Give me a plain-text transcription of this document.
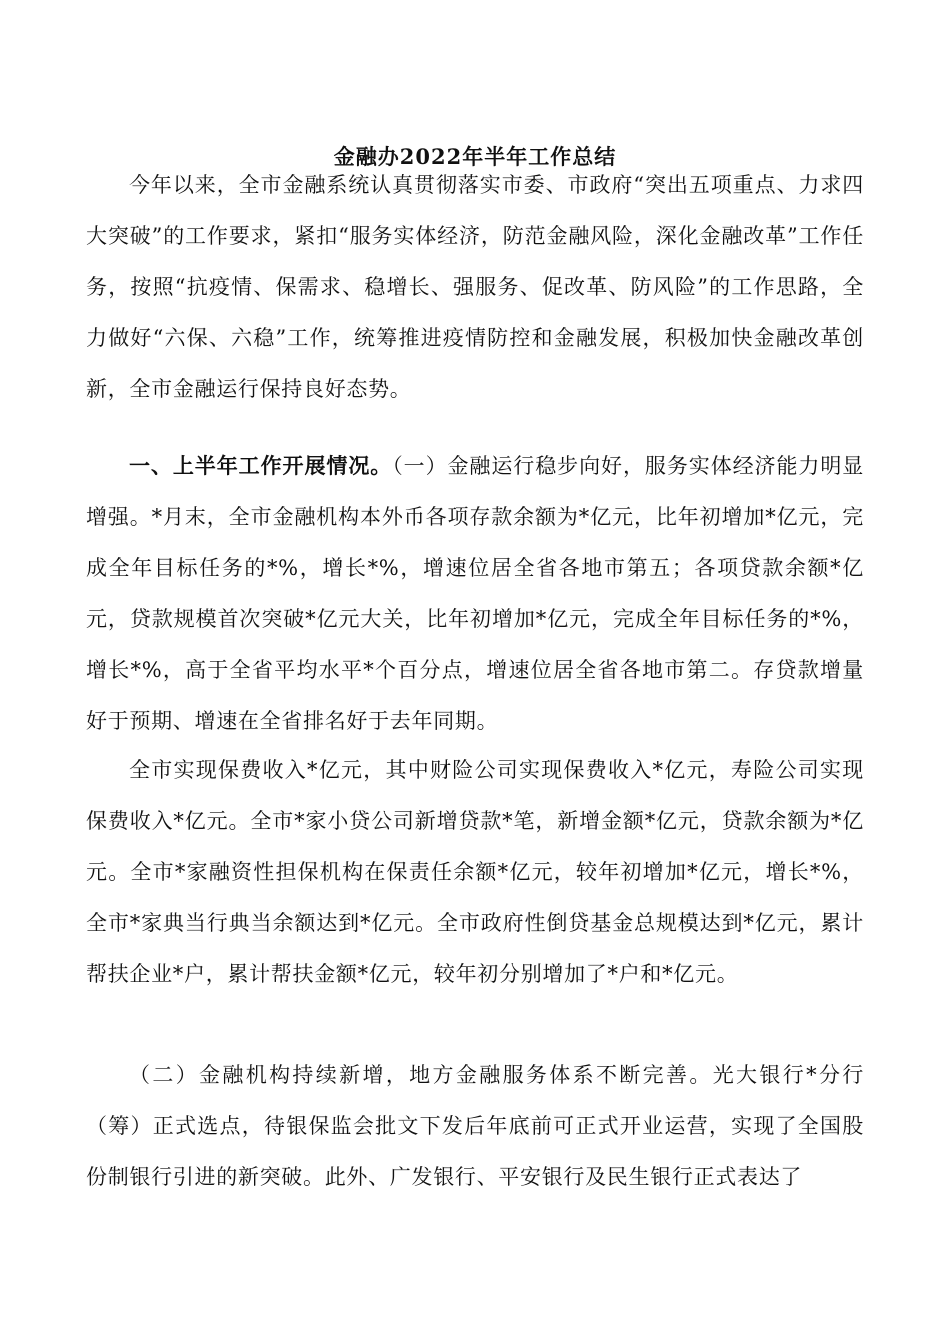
金融办2022年半年工作总结
今年以来，全市金融系统认真贯彻落实市委、市政府“突出五项重点、力求四大突破”的工作要求，紧扣“服务实体经济，防范金融风险，深化金融改革”工作任务，按照“抗疫情、保需求、稳增长、强服务、促改革、防风险”的工作思路，全力做好“六保、六稳”工作，统筹推进疫情防控和金融发展，积极加快金融改革创新，全市金融运行保持良好态势。
一、上半年工作开展情况。（一）金融运行稳步向好，服务实体经济能力明显增强。*月末，全市金融机构本外币各项存款余额为*亿元，比年初增加*亿元，完成全年目标任务的*%，增长*%，增速位居全省各地市第五；各项贷款余额*亿元，贷款规模首次突破*亿元大关，比年初增加*亿元，完成全年目标任务的*%，增长*%，高于全省平均水平*个百分点，增速位居全省各地市第二。存贷款增量好于预期、增速在全省排名好于去年同期。
全市实现保费收入*亿元，其中财险公司实现保费收入*亿元，寿险公司实现保费收入*亿元。全市*家小贷公司新增贷款*笔，新增金额*亿元，贷款余额为*亿元。全市*家融资性担保机构在保责任余额*亿元，较年初增加*亿元，增长*%，全市*家典当行典当余额达到*亿元。全市政府性倒贷基金总规模达到*亿元，累计帮扶企业*户，累计帮扶金额*亿元，较年初分别增加了*户和*亿元。
（二）金融机构持续新增，地方金融服务体系不断完善。光大银行*分行（筹）正式选点，待银保监会批文下发后年底前可正式开业运营，实现了全国股份制银行引进的新突破。此外、广发银行、平安银行及民生银行正式表达了
